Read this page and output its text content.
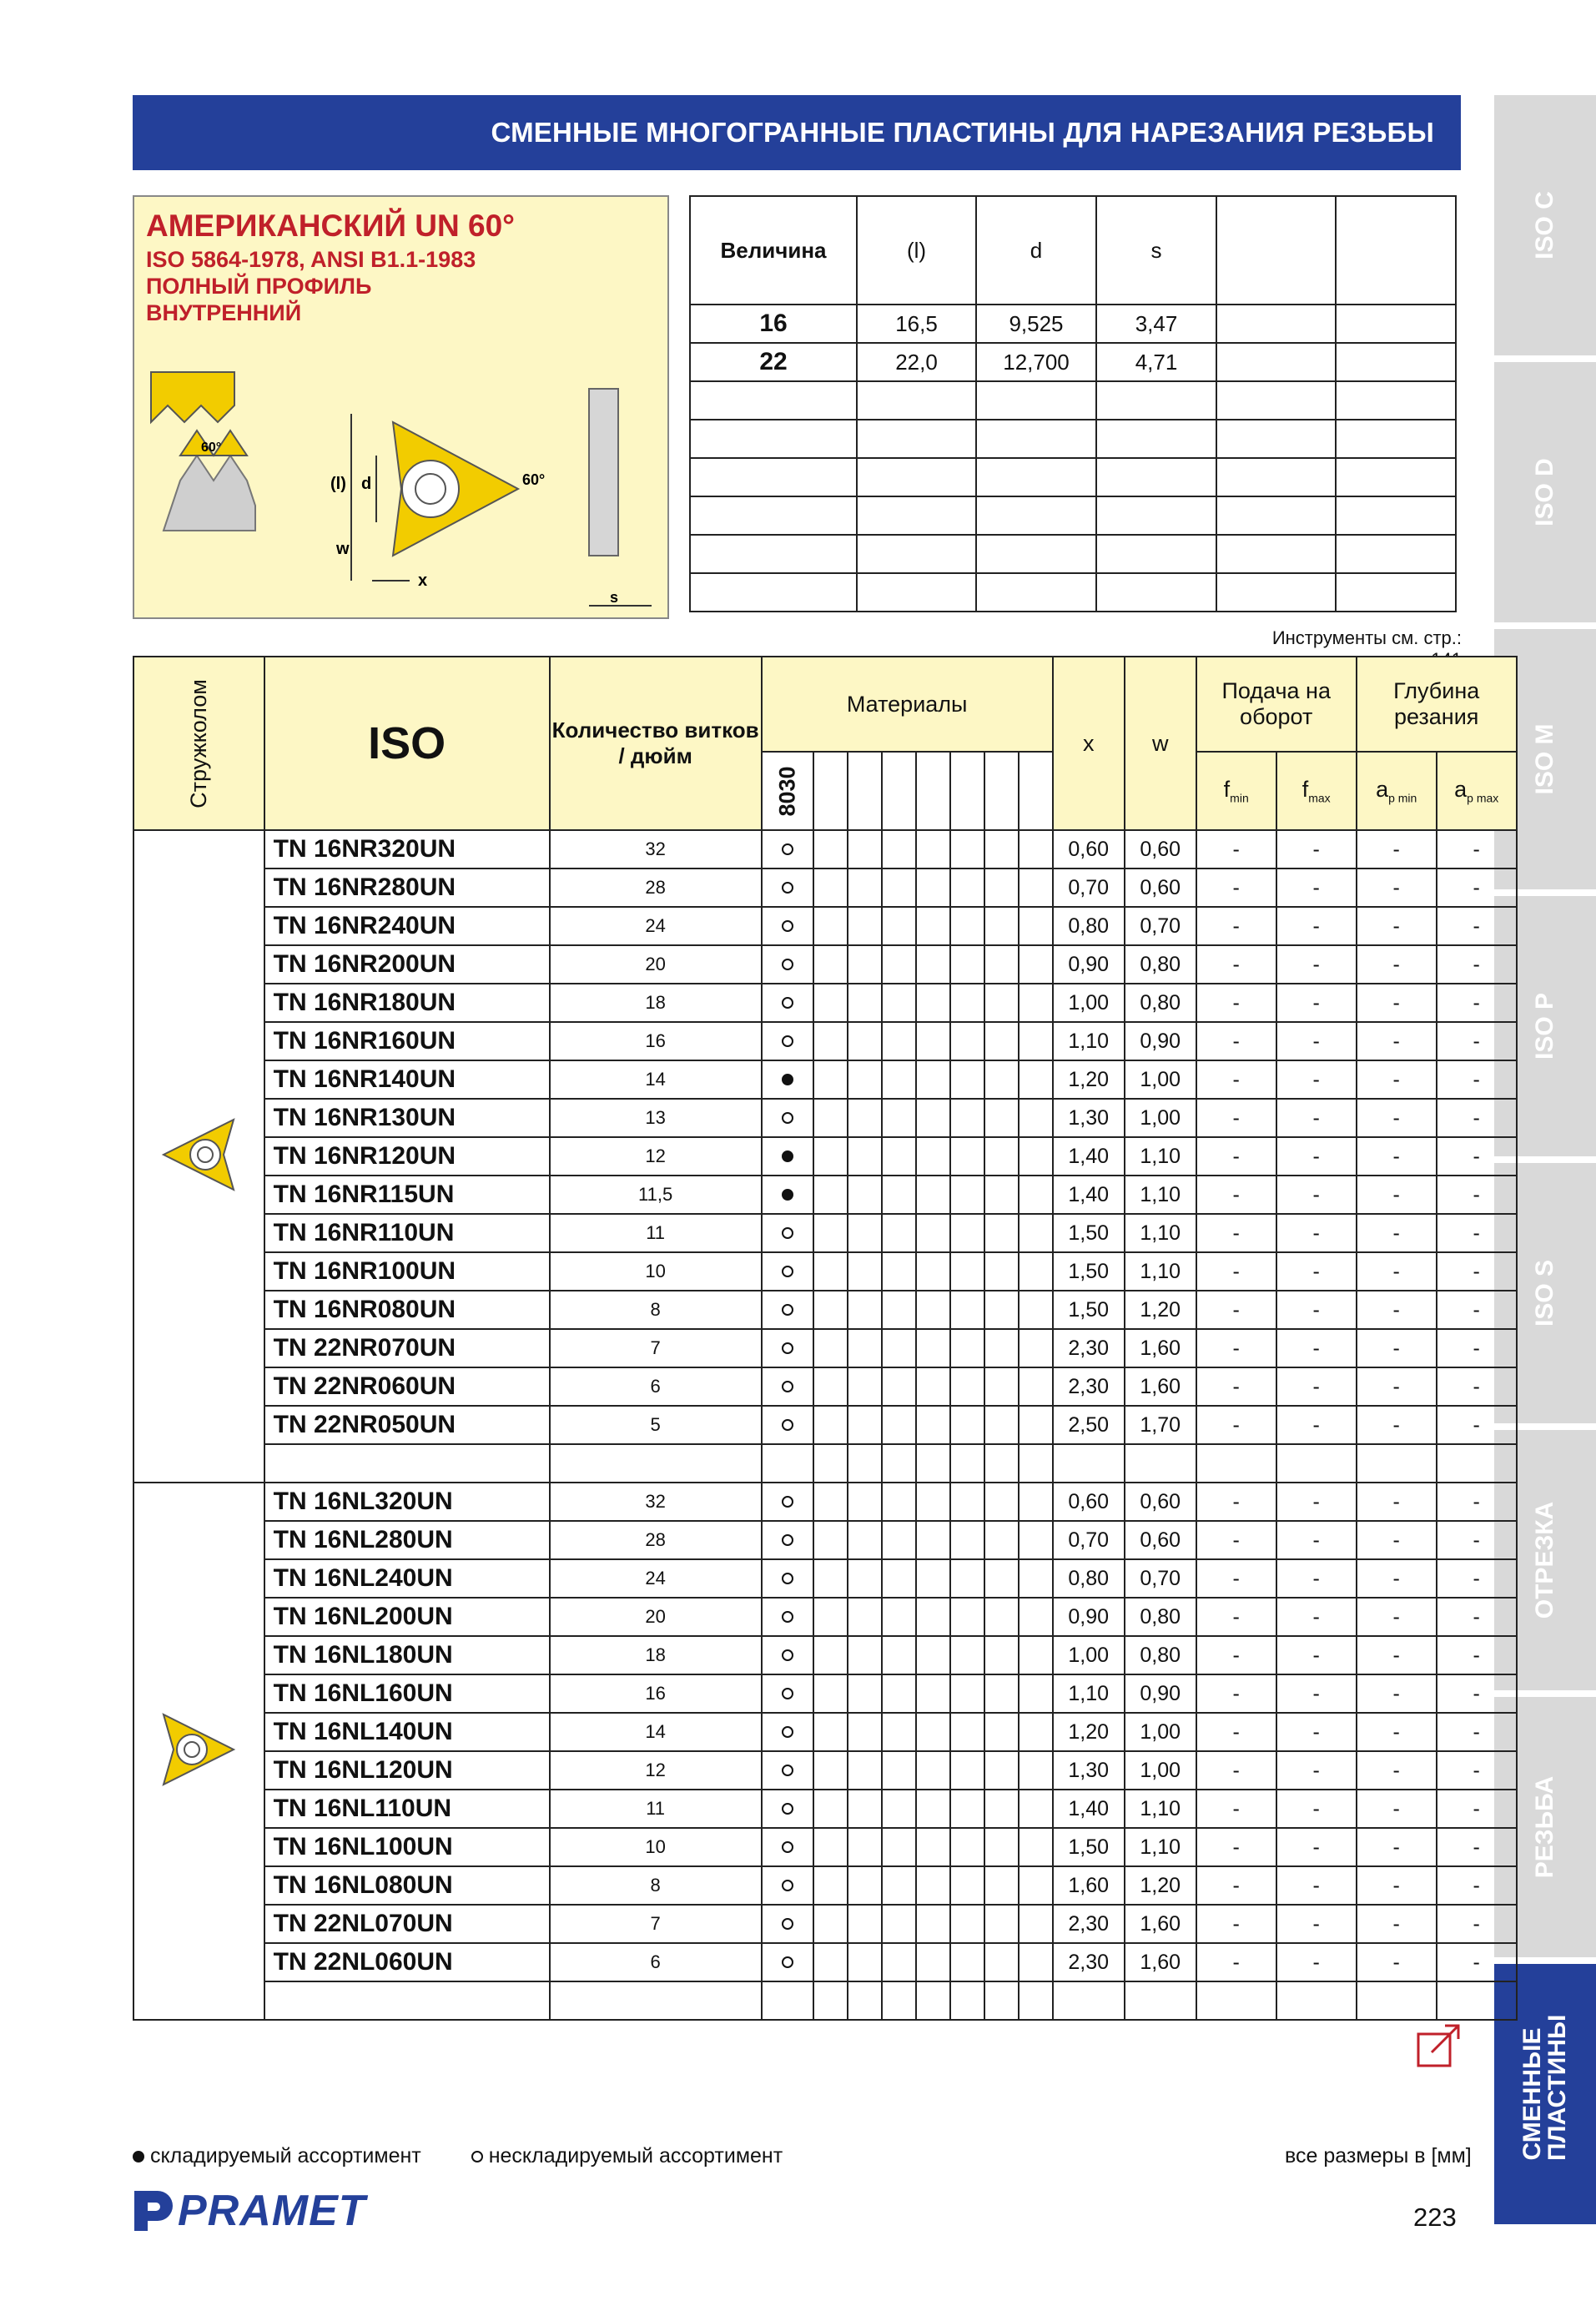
СМЕННЫЕ МНОГОГРАННЫЕ ПЛАСТИНЫ ДЛЯ НАРЕЗАНИЯ РЕЗЬБЫ
ISO C
ISO D
ISO M
ISO P
ISO S
ОТРЕЗКА
РЕЗЬБА
СМЕННЫЕ ПЛАСТИНЫ
АМЕРИКАНСКИЙ UN 60°
ISO 5864-1978, ANSI B1.1-1983
ПОЛНЫЙ ПРОФИЛЬ
ВНУТРЕННИЙ
60°
(l) d
w
x
60°
s
Величина	(l)	d	s		
16	16,5	9,525	3,47		
22	22,0	12,700	4,71		

Инструменты см. стр.:
Стружколом	ISO	Количество витков / дюйм	Материалы								x	w	Подача на оборот		Глубина резания	
			8030										$f_{min}$	$f_{max}$	$a_{p min}$	$a_{p max}$
	TN 16NR320UN	32									0,60	0,60	-	-	-	-
	TN 16NR280UN	28									0,70	0,60	-	-	-	-
	TN 16NR240UN	24									0,80	0,70	-	-	-	-
	TN 16NR200UN	20									0,90	0,80	-	-	-	-
	TN 16NR180UN	18									1,00	0,80	-	-	-	-
	TN 16NR160UN	16									1,10	0,90	-	-	-	-
	TN 16NR140UN	14									1,20	1,00	-	-	-	-
	TN 16NR130UN	13									1,30	1,00	-	-	-	-
	TN 16NR120UN	12									1,40	1,10	-	-	-	-
	TN 16NR115UN	11,5									1,40	1,10	-	-	-	-
	TN 16NR110UN	11									1,50	1,10	-	-	-	-
	TN 16NR100UN	10									1,50	1,10	-	-	-	-
	TN 16NR080UN	8									1,50	1,20	-	-	-	-
	TN 22NR070UN	7									2,30	1,60	-	-	-	-
	TN 22NR060UN	6									2,30	1,60	-	-	-	-
	TN 22NR050UN	5									2,50	1,70	-	-	-	-

	TN 16NL320UN	32									0,60	0,60	-	-	-	-
	TN 16NL280UN	28									0,70	0,60	-	-	-	-
	TN 16NL240UN	24									0,80	0,70	-	-	-	-
	TN 16NL200UN	20									0,90	0,80	-	-	-	-
	TN 16NL180UN	18									1,00	0,80	-	-	-	-
	TN 16NL160UN	16									1,10	0,90	-	-	-	-
	TN 16NL140UN	14									1,20	1,00	-	-	-	-
	TN 16NL120UN	12									1,30	1,00	-	-	-	-
	TN 16NL110UN	11									1,40	1,10	-	-	-	-
	TN 16NL100UN	10									1,50	1,10	-	-	-	-
	TN 16NL080UN	8									1,60	1,20	-	-	-	-
	TN 22NL070UN	7									2,30	1,60	-	-	-	-
	TN 22NL060UN	6									2,30	1,60	-	-	-	-

складируемый ассортимент	нескладируемый ассортимент	все размеры в [мм]
PRAMET	223
